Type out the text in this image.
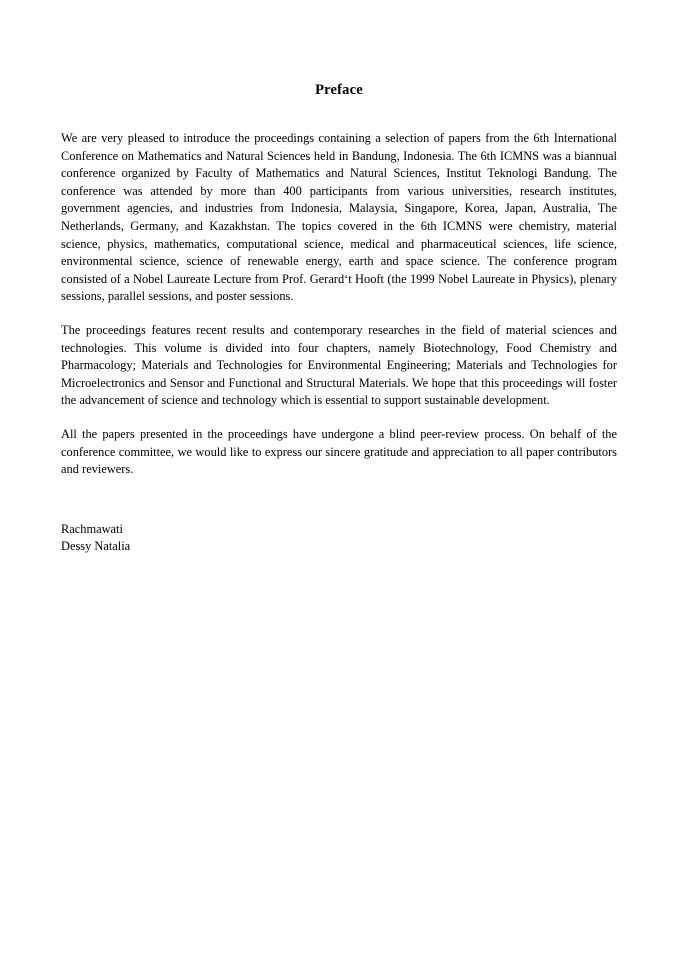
Preface

We are very pleased to introduce the proceedings containing a selection of papers from the 6th International Conference on Mathematics and Natural Sciences held in Bandung, Indonesia. The 6th ICMNS was a biannual conference organized by Faculty of Mathematics and Natural Sciences, Institut Teknologi Bandung. The conference was attended by more than 400 participants from various universities, research institutes, government agencies, and industries from Indonesia, Malaysia, Singapore, Korea, Japan, Australia, The Netherlands, Germany, and Kazakhstan. The topics covered in the 6th ICMNS were chemistry, material science, physics, mathematics, computational science, medical and pharmaceutical sciences, life science, environmental science, science of renewable energy, earth and space science. The conference program consisted of a Nobel Laureate Lecture from Prof. Gerard‘t Hooft (the 1999 Nobel Laureate in Physics), plenary sessions, parallel sessions, and poster sessions.

The proceedings features recent results and contemporary researches in the field of material sciences and technologies. This volume is divided into four chapters, namely Biotechnology, Food Chemistry and Pharmacology; Materials and Technologies for Environmental Engineering; Materials and Technologies for Microelectronics and Sensor and Functional and Structural Materials. We hope that this proceedings will foster the advancement of science and technology which is essential to support sustainable development.

All the papers presented in the proceedings have undergone a blind peer-review process. On behalf of the conference committee, we would like to express our sincere gratitude and appreciation to all paper contributors and reviewers.

Rachmawati
Dessy Natalia
